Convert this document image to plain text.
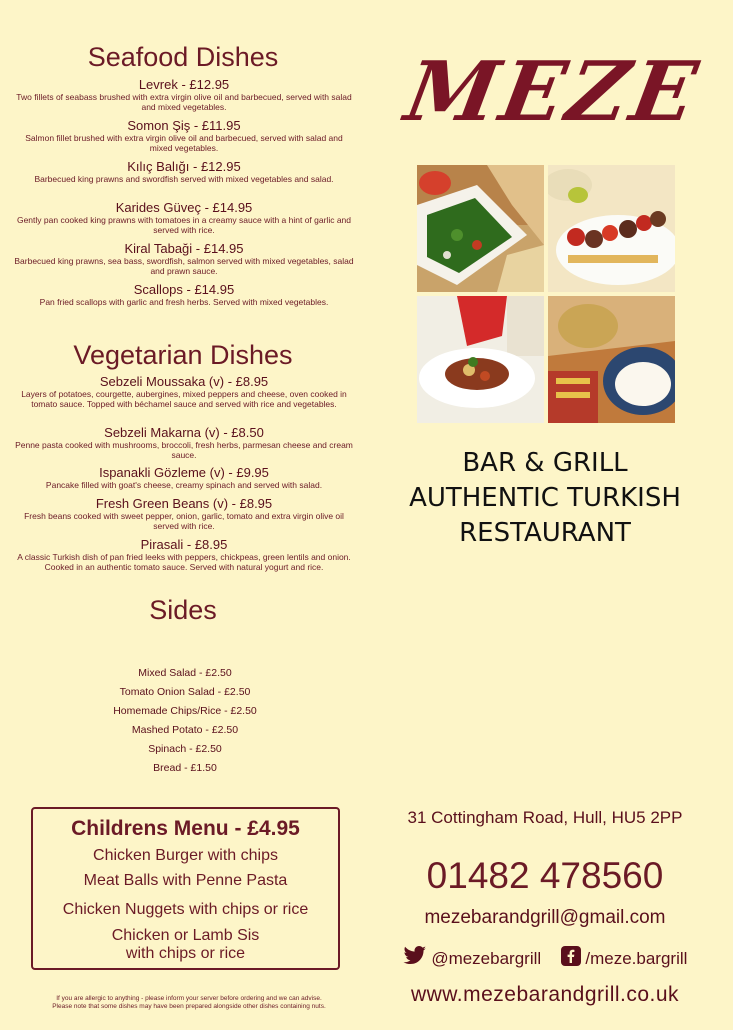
Seafood Dishes
Levrek - £12.95
Two fillets of seabass brushed with extra virgin olive oil and barbecued, served with salad and mixed vegetables.
Somon Şiş - £11.95
Salmon fillet brushed with extra virgin olive oil and barbecued, served with salad and mixed vegetables.
Kılıç Balığı - £12.95
Barbecued king prawns and swordfish served with mixed vegetables and salad.
Karides Güveç - £14.95
Gently pan cooked king prawns with tomatoes in a creamy sauce with a hint of garlic and served with rice.
Kiral Tabaği - £14.95
Barbecued king prawns, sea bass, swordfish, salmon served with mixed vegetables, salad and prawn sauce.
Scallops - £14.95
Pan fried scallops with garlic and fresh herbs. Served with mixed vegetables.
Vegetarian Dishes
Sebzeli Moussaka (v) - £8.95
Layers of potatoes, courgette, aubergines, mixed peppers and cheese, oven cooked in tomato sauce. Topped with béchamel sauce and served with rice and vegetables.
Sebzeli Makarna (v) - £8.50
Penne pasta cooked with mushrooms, broccoli, fresh herbs, parmesan cheese and cream sauce.
Ispanakli Gözleme (v) - £9.95
Pancake filled with goat's cheese, creamy spinach and served with salad.
Fresh Green Beans (v) - £8.95
Fresh beans cooked with sweet pepper, onion, garlic, tomato and extra virgin olive oil served with rice.
Pirasali - £8.95
A classic Turkish dish of pan fried leeks with peppers, chickpeas, green lentils and onion. Cooked in an authentic tomato sauce. Served with natural yogurt and rice.
Sides
Mixed Salad - £2.50
Tomato Onion Salad - £2.50
Homemade Chips/Rice - £2.50
Mashed Potato - £2.50
Spinach - £2.50
Bread - £1.50
Childrens Menu - £4.95
Chicken Burger with chips
Meat Balls with Penne Pasta
Chicken Nuggets with chips or rice
Chicken or Lamb Sis
with chips or rice
If you are allergic to anything - please inform your server before ordering and we can advise.
Please note that some dishes may have been prepared alongside other dishes containing nuts.
MEZE
BAR & GRILL
AUTHENTIC TURKISH
RESTAURANT
31 Cottingham Road, Hull, HU5 2PP
01482 478560
mezebarandgrill@gmail.com
@mezebargrill	/meze.bargrill
www.mezebarandgrill.co.uk
